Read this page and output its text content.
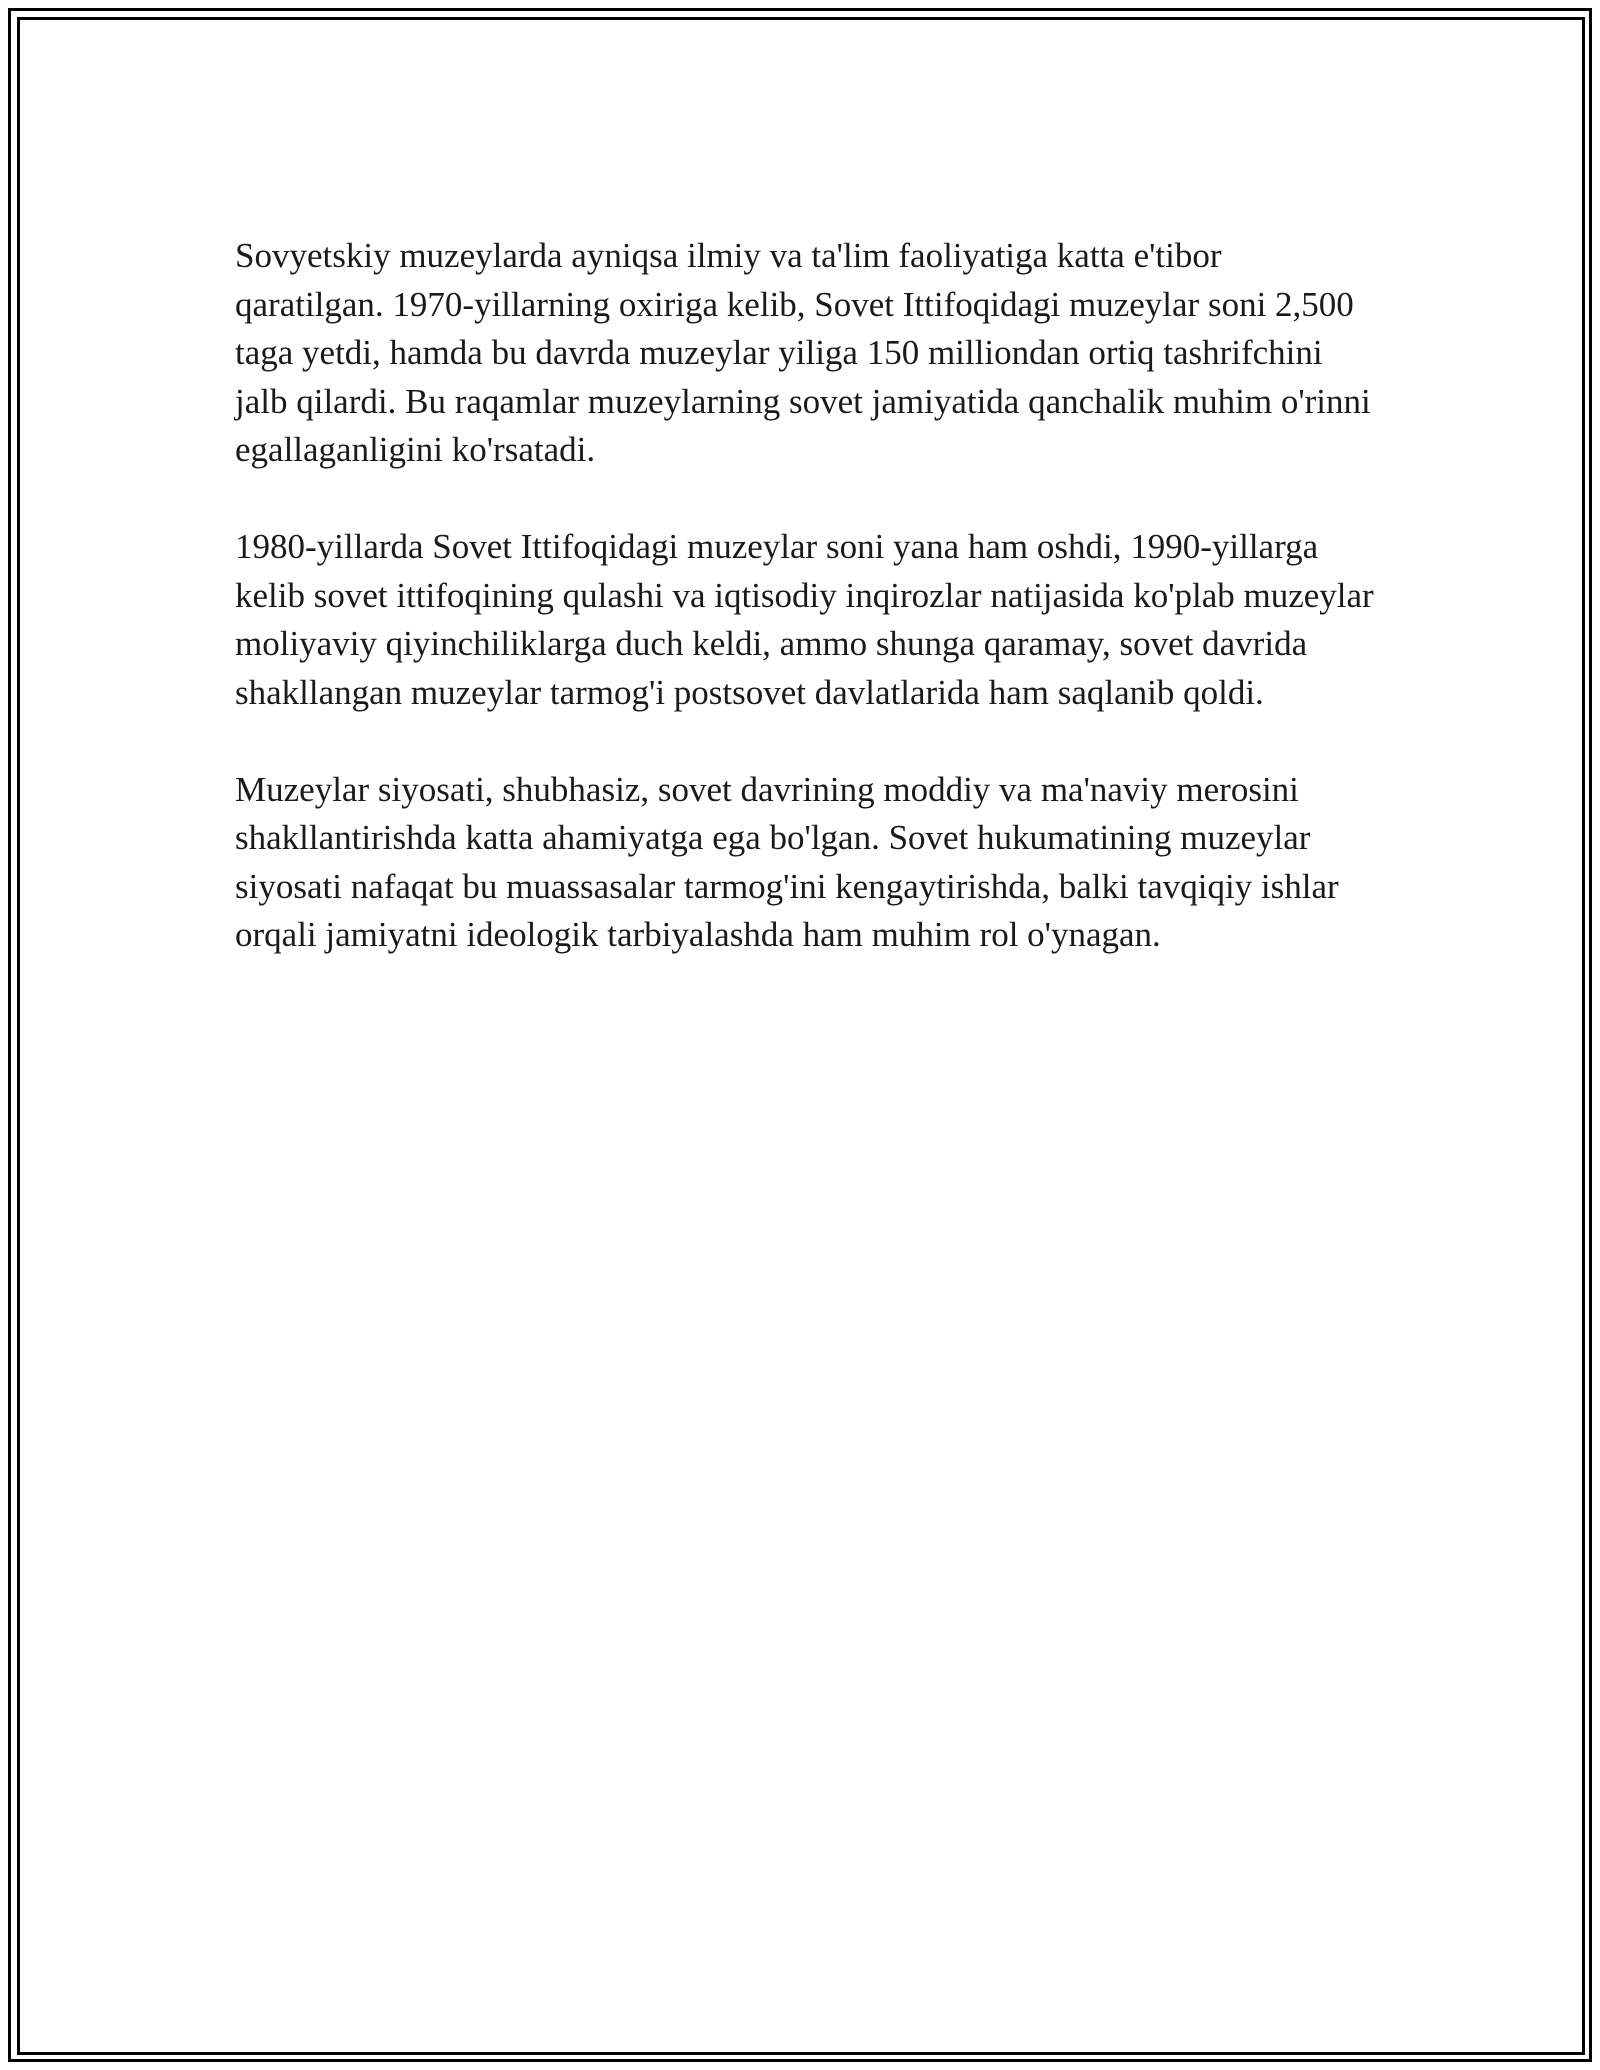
Sovyetskiy muzeylarda ayniqsa ilmiy va ta'lim faoliyatiga katta e'tibor qaratilgan. 1970-yillarning oxiriga kelib, Sovet Ittifoqidagi muzeylar soni 2,500 taga yetdi, hamda bu davrda muzeylar yiliga 150 milliondan ortiq tashrifchini jalb qilardi. Bu raqamlar muzeylarning sovet jamiyatida qanchalik muhim o'rinni egallaganligini ko'rsatadi.

1980-yillarda Sovet Ittifoqidagi muzeylar soni yana ham oshdi, 1990-yillarga kelib sovet ittifoqining qulashi va iqtisodiy inqirozlar natijasida ko'plab muzeylar moliyaviy qiyinchiliklarga duch keldi, ammo shunga qaramay, sovet davrida shakllangan muzeylar tarmog'i postsovet davlatlarida ham saqlanib qoldi.

Muzeylar siyosati, shubhasiz, sovet davrining moddiy va ma'naviy merosini shakllantirishda katta ahamiyatga ega bo'lgan. Sovet hukumatining muzeylar siyosati nafaqat bu muassasalar tarmog'ini kengaytirishda, balki tavqiqiy ishlar orqali jamiyatni ideologik tarbiyalashda ham muhim rol o'ynagan.
